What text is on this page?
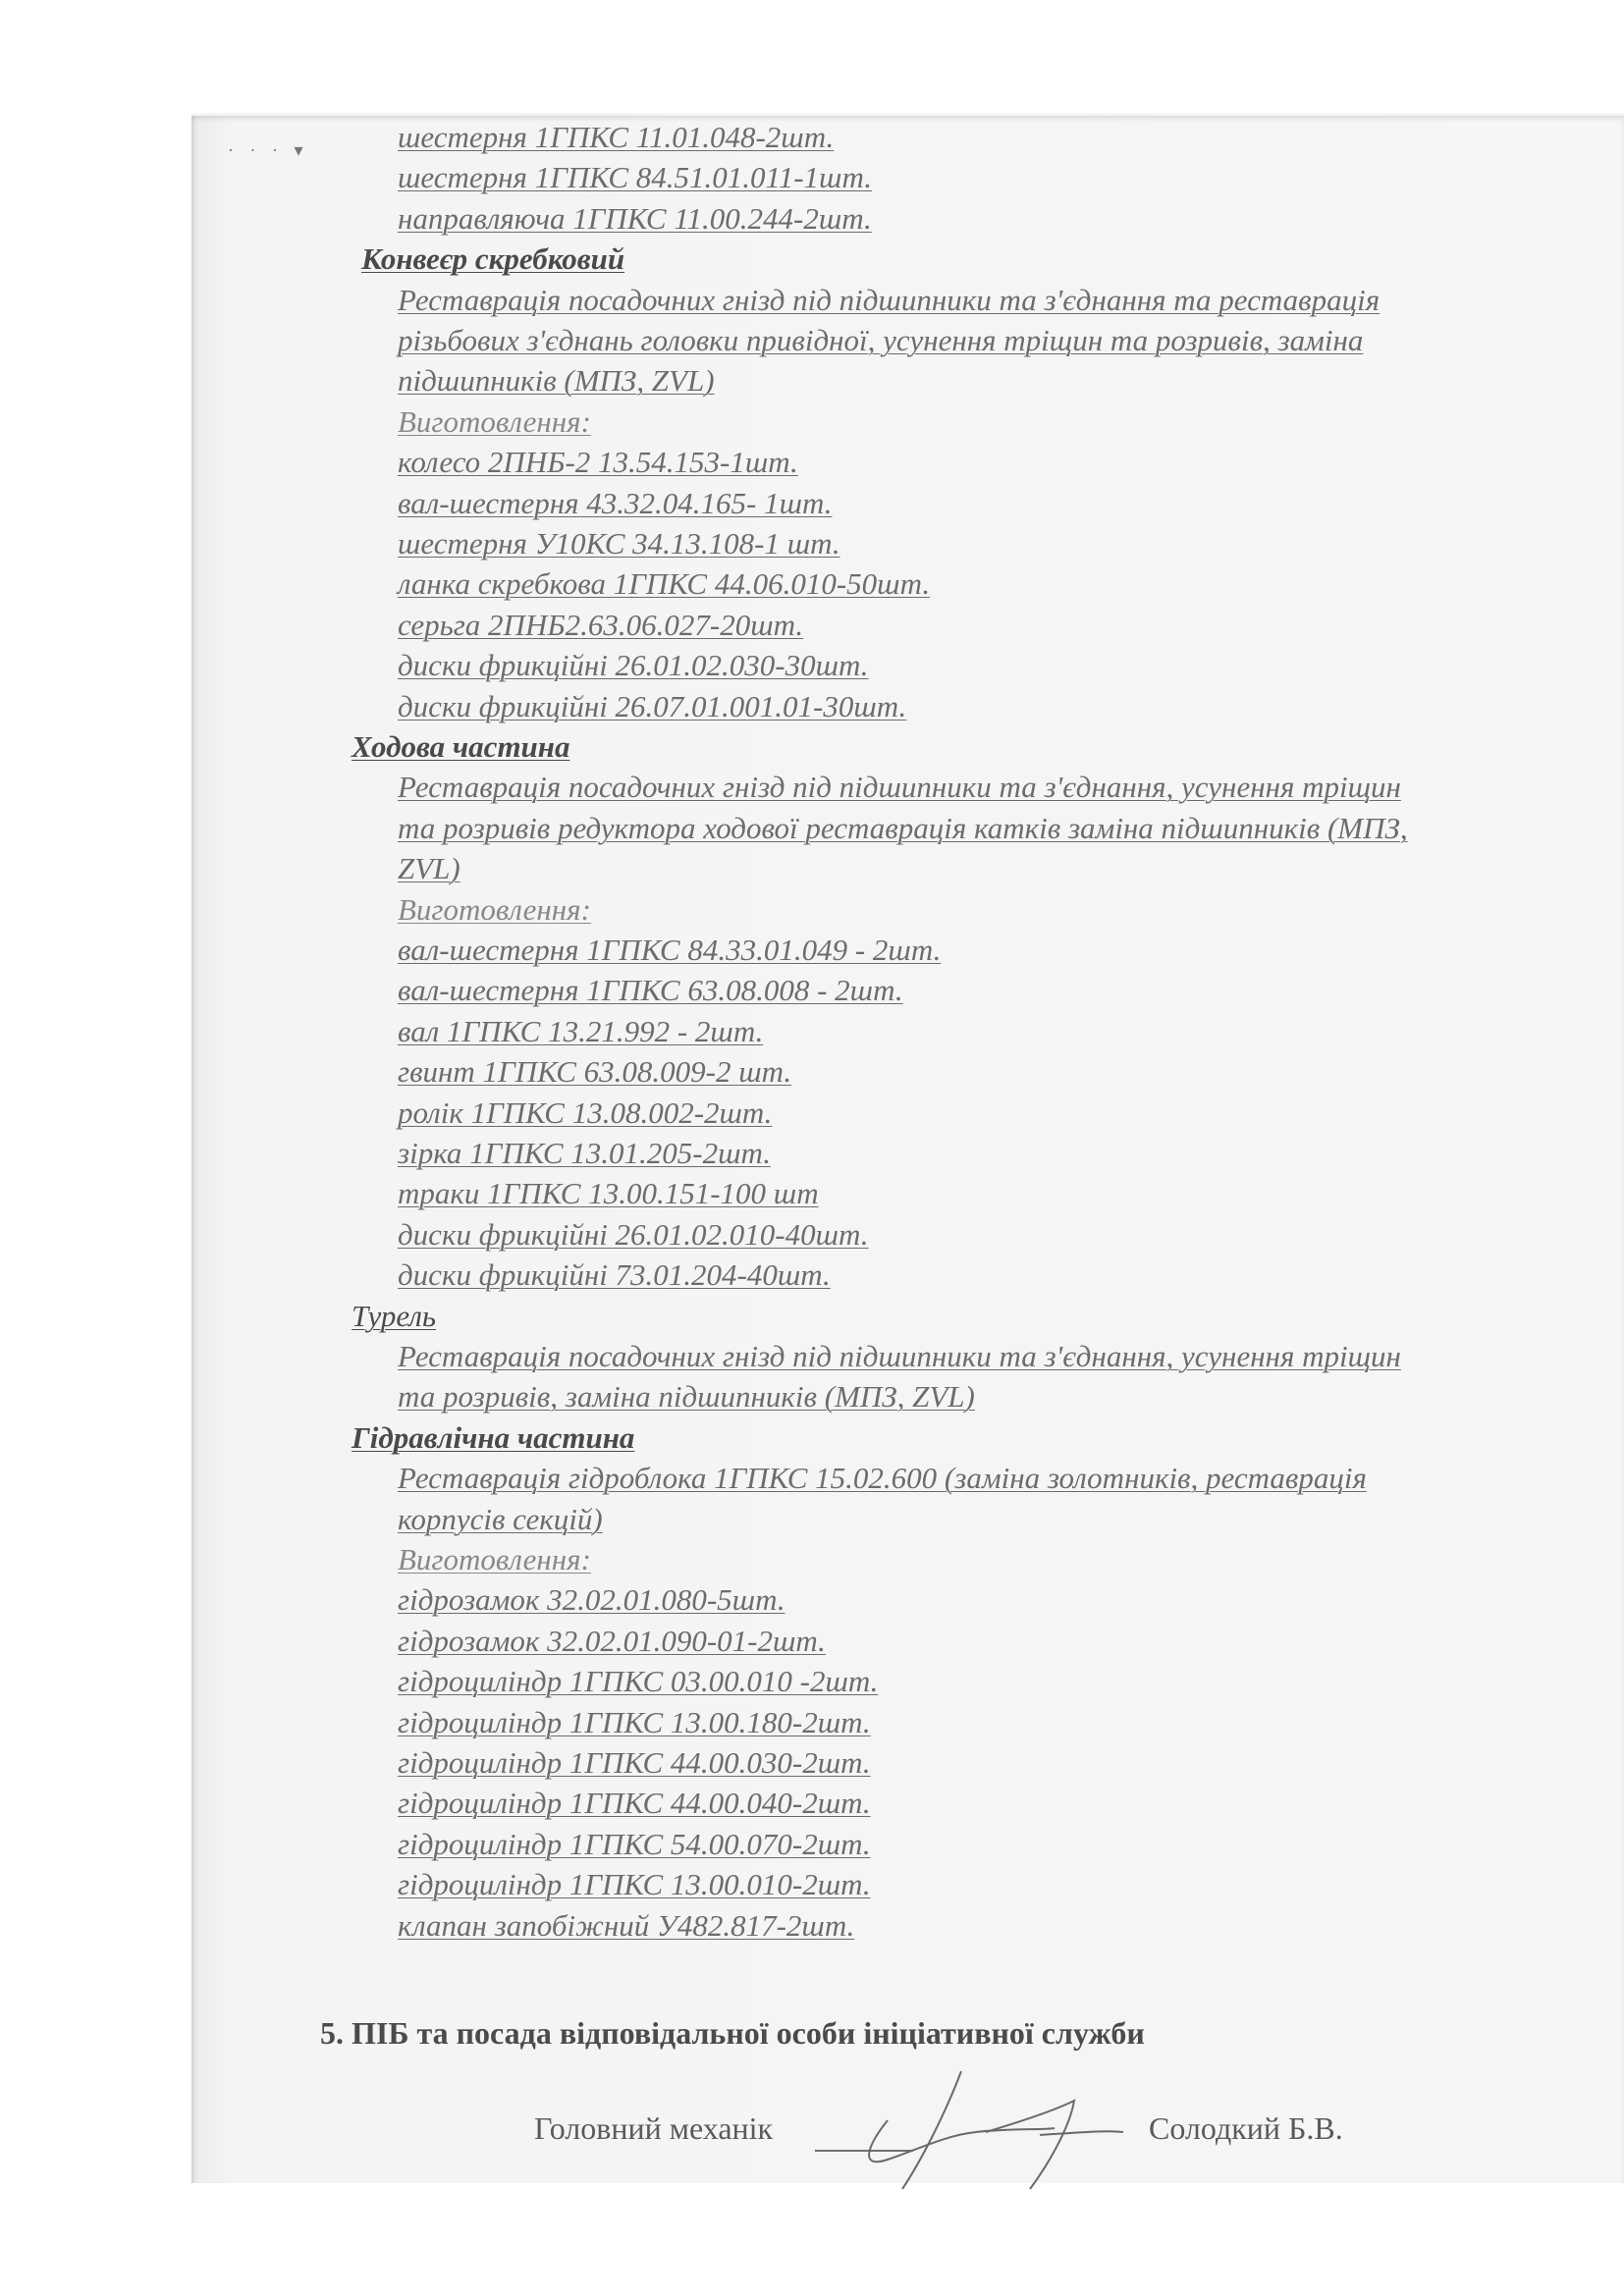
· · · ▾	шестерня 1ГПКС 11.01.048-2шт.
шестерня 1ГПКС 84.51.01.011-1шт.
направляюча 1ГПКС 11.00.244-2шт.
Конвеєр скребковий
Реставрація посадочних гнізд під підшипники та з'єднання та реставрація
різьбових з'єднань головки привідної, усунення тріщин та розривів, заміна
підшипників (МПЗ, ZVL)
Виготовлення:
колесо 2ПНБ-2 13.54.153-1шт.
вал-шестерня 43.32.04.165- 1шт.
шестерня У10КС 34.13.108-1 шт.
ланка скребкова 1ГПКС 44.06.010-50шт.
серьга 2ПНБ2.63.06.027-20шт.
диски фрикційні 26.01.02.030-30шт.
диски фрикційні 26.07.01.001.01-30шт.
Ходова частина
Реставрація посадочних гнізд під підшипники та з'єднання, усунення тріщин
та розривів редуктора ходової реставрація катків заміна підшипників (МПЗ,
ZVL)
Виготовлення:
вал-шестерня 1ГПКС 84.33.01.049 - 2шт.
вал-шестерня 1ГПКС 63.08.008 - 2шт.
вал 1ГПКС 13.21.992 - 2шт.
гвинт 1ГПКС 63.08.009-2 шт.
ролік 1ГПКС 13.08.002-2шт.
зірка 1ГПКС 13.01.205-2шт.
траки 1ГПКС 13.00.151-100 шт
диски фрикційні 26.01.02.010-40шт.
диски фрикційні 73.01.204-40шт.
Турель
Реставрація посадочних гнізд під підшипники та з'єднання, усунення тріщин
та розривів, заміна підшипників (МПЗ, ZVL)
Гідравлічна частина
Реставрація гідроблока 1ГПКС 15.02.600 (заміна золотників, реставрація
корпусів секцій)
Виготовлення:
гідрозамок 32.02.01.080-5шт.
гідрозамок 32.02.01.090-01-2шт.
гідроциліндр 1ГПКС 03.00.010 -2шт.
гідроциліндр 1ГПКС 13.00.180-2шт.
гідроциліндр 1ГПКС 44.00.030-2шт.
гідроциліндр 1ГПКС 44.00.040-2шт.
гідроциліндр 1ГПКС 54.00.070-2шт.
гідроциліндр 1ГПКС 13.00.010-2шт.
клапан запобіжний У482.817-2шт.
5. ПІБ та посада відповідальної особи ініціативної служби
Головний механік	Солодкий Б.В.
